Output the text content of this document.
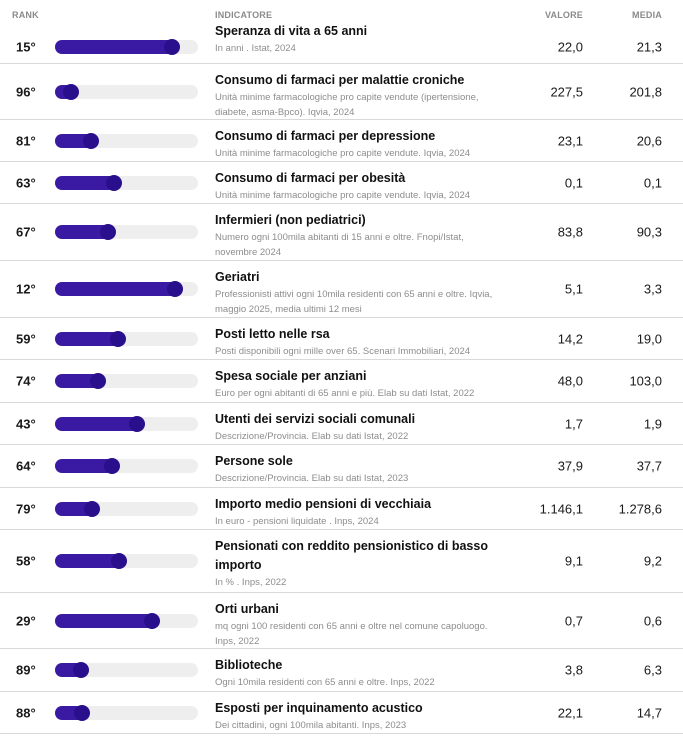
RANK	INDICATORE	VALORE	MEDIA
15°
Speranza di vita a 65 anni
In anni . Istat, 2024	22,0	21,3
96°
Consumo di farmaci per malattie croniche
Unità minime farmacologiche pro capite vendute (ipertensione, diabete, asma-Bpco). Iqvia, 2024
227,5	201,8
81°	Consumo di farmaci per depressione
Unità minime farmacologiche pro capite vendute. Iqvia, 2024
23,1	20,6
63°	Consumo di farmaci per obesità
Unità minime farmacologiche pro capite vendute. Iqvia, 2024
0,1	0,1
67°
Infermieri (non pediatrici)
Numero ogni 100mila abitanti di 15 anni e oltre. Fnopi/Istat, novembre 2024
83,8	90,3
12°
Geriatri
Professionisti attivi ogni 10mila residenti con 65 anni e oltre. Iqvia, maggio 2025, media ultimi 12 mesi
5,1	3,3
59°	Posti letto nelle rsa
Posti disponibili ogni mille over 65. Scenari Immobiliari, 2024
14,2	19,0
74°	Spesa sociale per anziani
Euro per ogni abitanti di 65 anni e più. Elab su dati Istat, 2022
48,0	103,0
43°	Utenti dei servizi sociali comunali
Descrizione/Provincia. Elab su dati Istat, 2022
1,7	1,9
64°	Persone sole
Descrizione/Provincia. Elab su dati Istat, 2023
37,9	37,7
79°	Importo medio pensioni di vecchiaia
In euro - pensioni liquidate . Inps, 2024
1.146,1	1.278,6
58°
Pensionati con reddito pensionistico di basso importo
In % . Inps, 2022
9,1	9,2
29°
Orti urbani
mq ogni 100 residenti con 65 anni e oltre nel comune capoluogo. Inps, 2022
0,7	0,6
89°	Biblioteche
Ogni 10mila residenti con 65 anni e oltre. Inps, 2022
3,8	6,3
88°	Esposti per inquinamento acustico
Dei cittadini, ogni 100mila abitanti. Inps, 2023
22,1	14,7
